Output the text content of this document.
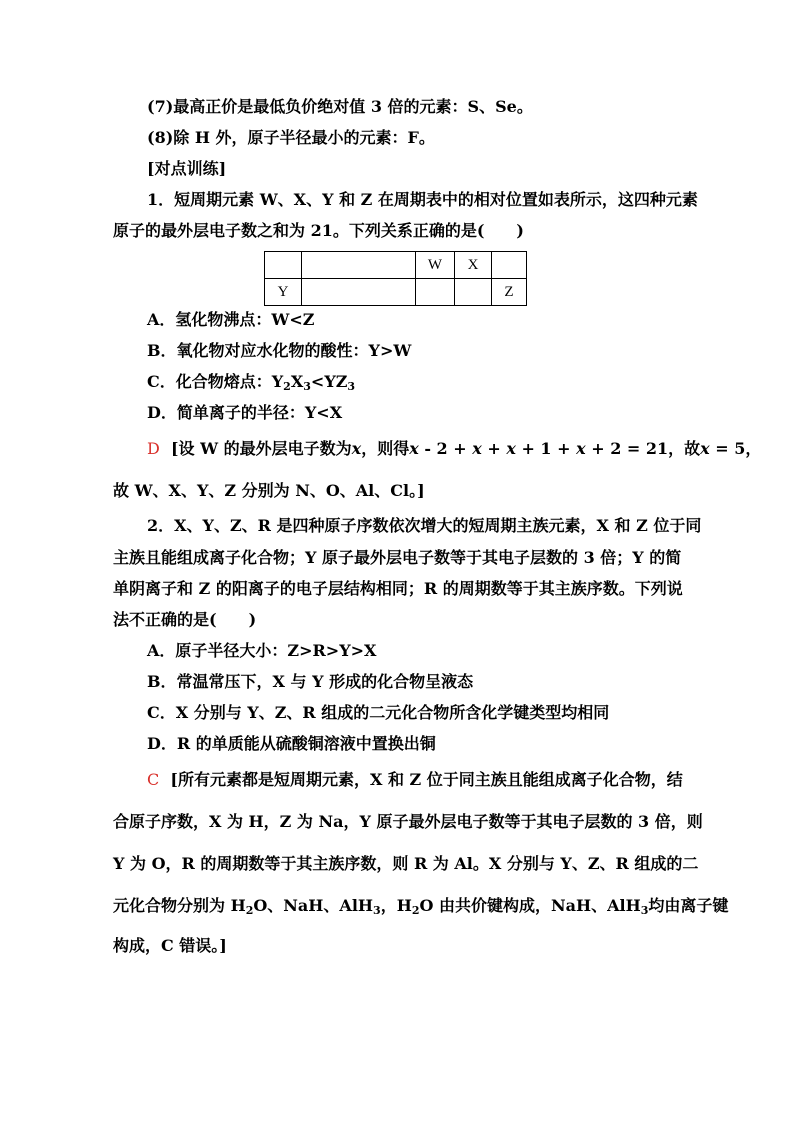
(7)最高正价是最低负价绝对值 3 倍的元素：S、Se。
(8)除 H 外，原子半径最小的元素：F。
[对点训练]
1．短周期元素 W、X、Y 和 Z 在周期表中的相对位置如表所示，这四种元素
原子的最外层电子数之和为 21。下列关系正确的是(　　)
		W	X	
Y				Z
A．氢化物沸点：W<Z
B．氧化物对应水化物的酸性：Y>W
C．化合物熔点：$Y_2X_3<YZ_3$
D．简单离子的半径：Y<X
D [设 W 的最外层电子数为x，则得x - 2 + x + x + 1 + x + 2 = 21，故x = 5，
故 W、X、Y、Z 分别为 N、O、Al、Cl。]
2．X、Y、Z、R 是四种原子序数依次增大的短周期主族元素，X 和 Z 位于同
主族且能组成离子化合物；Y 原子最外层电子数等于其电子层数的 3 倍；Y 的简
单阴离子和 Z 的阳离子的电子层结构相同；R 的周期数等于其主族序数。下列说
法不正确的是(　　)
A．原子半径大小：Z>R>Y>X
B．常温常压下，X 与 Y 形成的化合物呈液态
C．X 分别与 Y、Z、R 组成的二元化合物所含化学键类型均相同
D．R 的单质能从硫酸铜溶液中置换出铜
C [所有元素都是短周期元素，X 和 Z 位于同主族且能组成离子化合物，结
合原子序数，X 为 H，Z 为 Na，Y 原子最外层电子数等于其电子层数的 3 倍，则
Y 为 O，R 的周期数等于其主族序数，则 R 为 Al。X 分别与 Y、Z、R 组成的二
元化合物分别为 $H_2O$、NaH、AlH$_3$，$H_2O$ 由共价键构成，NaH、AlH$_3$均由离子键
构成，C 错误。]
